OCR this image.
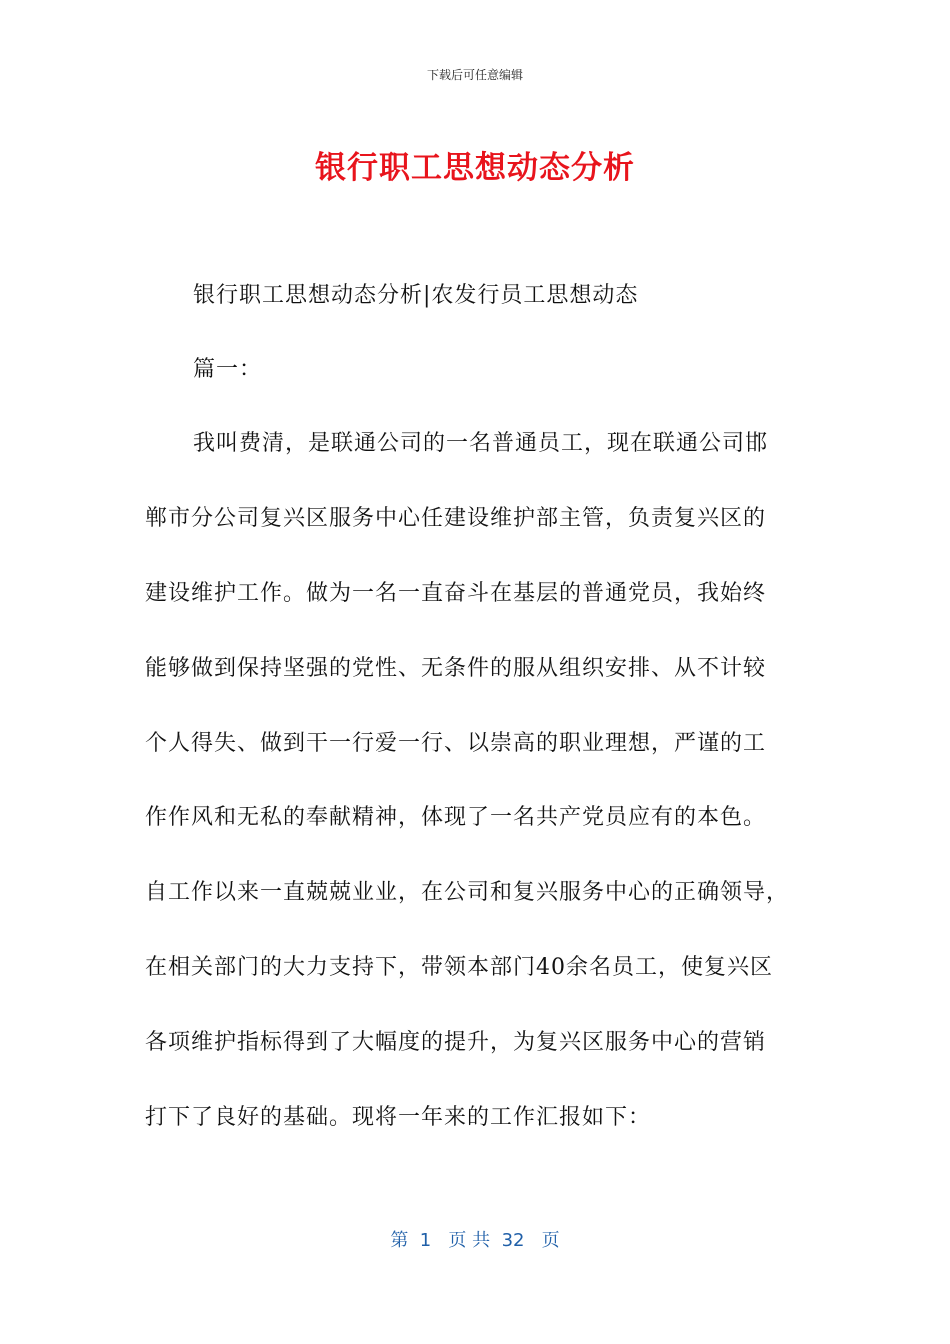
下载后可任意编辑
银行职工思想动态分析
银行职工思想动态分析|农发行员工思想动态
篇一：
我叫费清，是联通公司的一名普通员工，现在联通公司邯
郸市分公司复兴区服务中心任建设维护部主管，负责复兴区的
建设维护工作。做为一名一直奋斗在基层的普通党员，我始终
能够做到保持坚强的党性、无条件的服从组织安排、从不计较
个人得失、做到干一行爱一行、以崇高的职业理想，严谨的工
作作风和无私的奉献精神，体现了一名共产党员应有的本色。
自工作以来一直兢兢业业，在公司和复兴服务中心的正确领导，
在相关部门的大力支持下，带领本部门40余名员工，使复兴区
各项维护指标得到了大幅度的提升，为复兴区服务中心的营销
打下了良好的基础。现将一年来的工作汇报如下：
第  1   页 共  32   页
